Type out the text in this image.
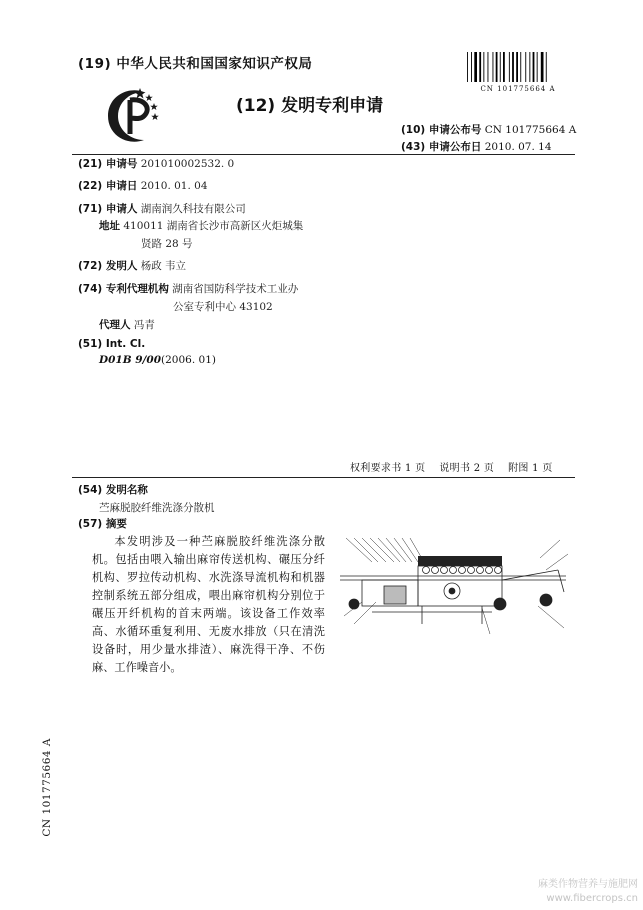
(19) 中华人民共和国国家知识产权局
CN 101775664 A
(12) 发明专利申请
(10) 申请公布号 CN 101775664 A
(43) 申请公布日 2010. 07. 14
(21) 申请号 201010002532. 0
(22) 申请日 2010. 01. 04
(71) 申请人 湖南润久科技有限公司
地址 410011 湖南省长沙市高新区火炬城集
贤路 28 号
(72) 发明人 杨政 韦立
(74) 专利代理机构 湖南省国防科学技术工业办
公室专利中心 43102
代理人 冯青
(51) Int. Cl.
D01B 9/00(2006. 01)
权利要求书 1 页 说明书 2 页 附图 1 页
(54) 发明名称
苎麻脱胶纤维洗涤分散机
(57) 摘要
本发明涉及一种苎麻脱胶纤维洗涤分散机。包括由喂入输出麻帘传送机构、碾压分纤机构、罗拉传动机构、水洗涤导流机构和机器控制系统五部分组成，喂出麻帘机构分别位于碾压开纤机构的首末两端。该设备工作效率高、水循环重复利用、无废水排放（只在清洗设备时，用少量水排渣）、麻洗得干净、不伤麻、工作噪音小。
CN 101775664 A
麻类作物营养与施肥网
www.fibercrops.cn
